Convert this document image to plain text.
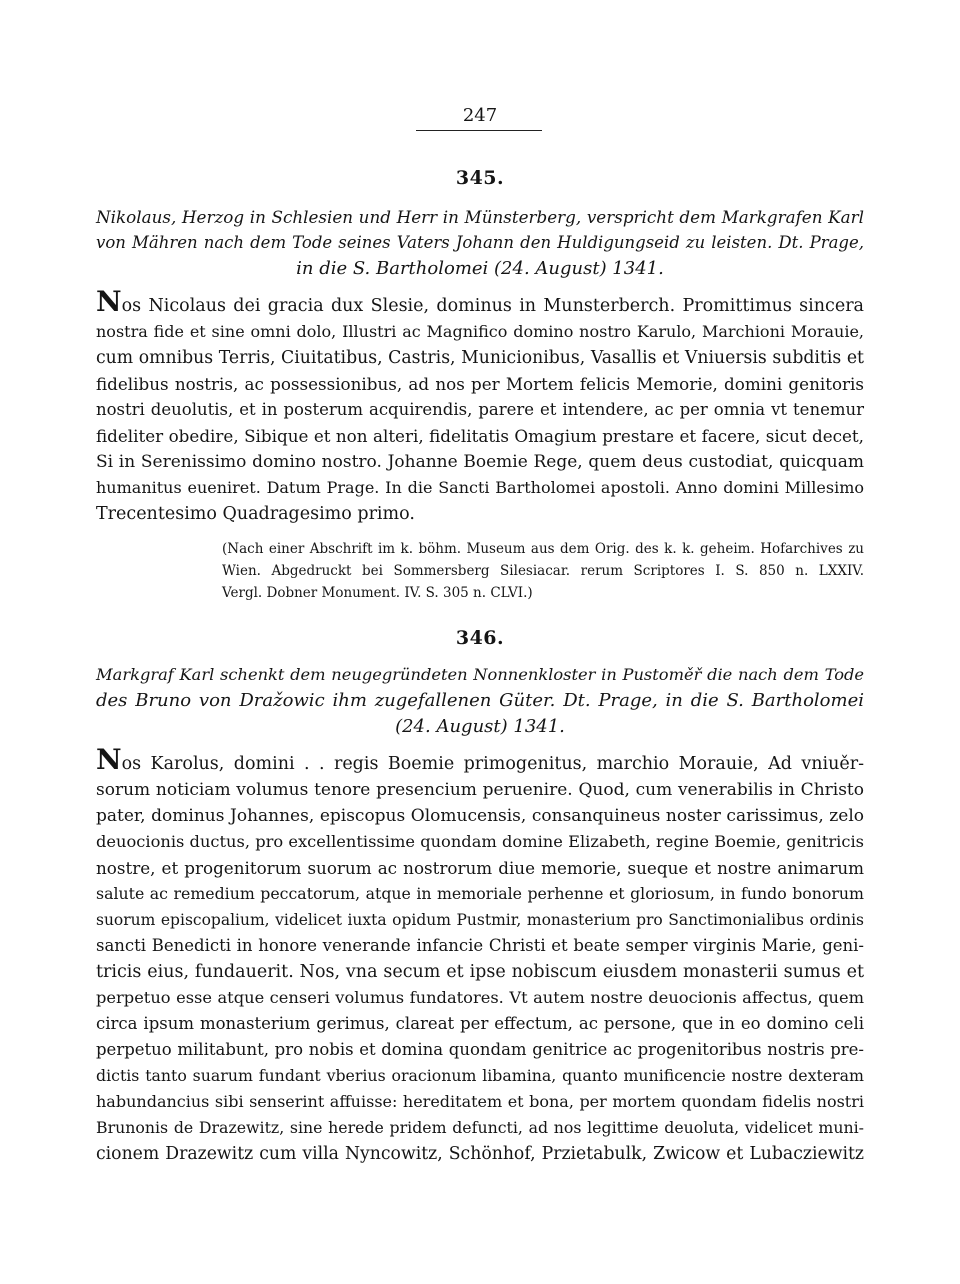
247
345.
Nikolaus, Herzog in Schlesien und Herr in Münsterberg, verspricht dem Markgrafen Karl
von Mähren nach dem Tode seines Vaters Johann den Huldigungseid zu leisten. Dt. Prage,
in die S. Bartholomei (24. August) 1341.
Nos Nicolaus dei gracia dux Slesie, dominus in Munsterberch. Promittimus sincera
nostra fide et sine omni dolo, Illustri ac Magnifico domino nostro Karulo, Marchioni Morauie,
cum omnibus Terris, Ciuitatibus, Castris, Municionibus, Vasallis et Vniuersis subditis et
fidelibus nostris, ac possessionibus, ad nos per Mortem felicis Memorie, domini genitoris
nostri deuolutis, et in posterum acquirendis, parere et intendere, ac per omnia vt tenemur
fideliter obedire, Sibique et non alteri, fidelitatis Omagium prestare et facere, sicut decet,
Si in Serenissimo domino nostro. Johanne Boemie Rege, quem deus custodiat, quicquam
humanitus eueniret. Datum Prage. In die Sancti Bartholomei apostoli. Anno domini Millesimo
Trecentesimo Quadragesimo primo.
(Nach einer Abschrift im k. böhm. Museum aus dem Orig. des k. k. geheim. Hofarchives zu
Wien. Abgedruckt bei Sommersberg Silesiacar. rerum Scriptores I. S. 850 n. LXXIV.
Vergl. Dobner Monument. IV. S. 305 n. CLVI.)
346.
Markgraf Karl schenkt dem neugegründeten Nonnenkloster in Pustoměř die nach dem Tode
des Bruno von Dražowic ihm zugefallenen Güter. Dt. Prage, in die S. Bartholomei
(24. August) 1341.
Nos Karolus, domini . . regis Boemie primogenitus, marchio Morauie, Ad vniuěr-
sorum noticiam volumus tenore presencium peruenire. Quod, cum venerabilis in Christo
pater, dominus Johannes, episcopus Olomucensis, consanquineus noster carissimus, zelo
deuocionis ductus, pro excellentissime quondam domine Elizabeth, regine Boemie, genitricis
nostre, et progenitorum suorum ac nostrorum diue memorie, sueque et nostre animarum
salute ac remedium peccatorum, atque in memoriale perhenne et gloriosum, in fundo bonorum
suorum episcopalium, videlicet iuxta opidum Pustmir, monasterium pro Sanctimonialibus ordinis
sancti Benedicti in honore venerande infancie Christi et beate semper virginis Marie, geni-
tricis eius, fundauerit. Nos, vna secum et ipse nobiscum eiusdem monasterii sumus et
perpetuo esse atque censeri volumus fundatores. Vt autem nostre deuocionis affectus, quem
circa ipsum monasterium gerimus, clareat per effectum, ac persone, que in eo domino celi
perpetuo militabunt, pro nobis et domina quondam genitrice ac progenitoribus nostris pre-
dictis tanto suarum fundant vberius oracionum libamina, quanto munificencie nostre dexteram
habundancius sibi senserint affuisse: hereditatem et bona, per mortem quondam fidelis nostri
Brunonis de Drazewitz, sine herede pridem defuncti, ad nos legittime deuoluta, videlicet muni-
cionem Drazewitz cum villa Nyncowitz, Schönhof, Przietabulk, Zwicow et Lubacziewitz
